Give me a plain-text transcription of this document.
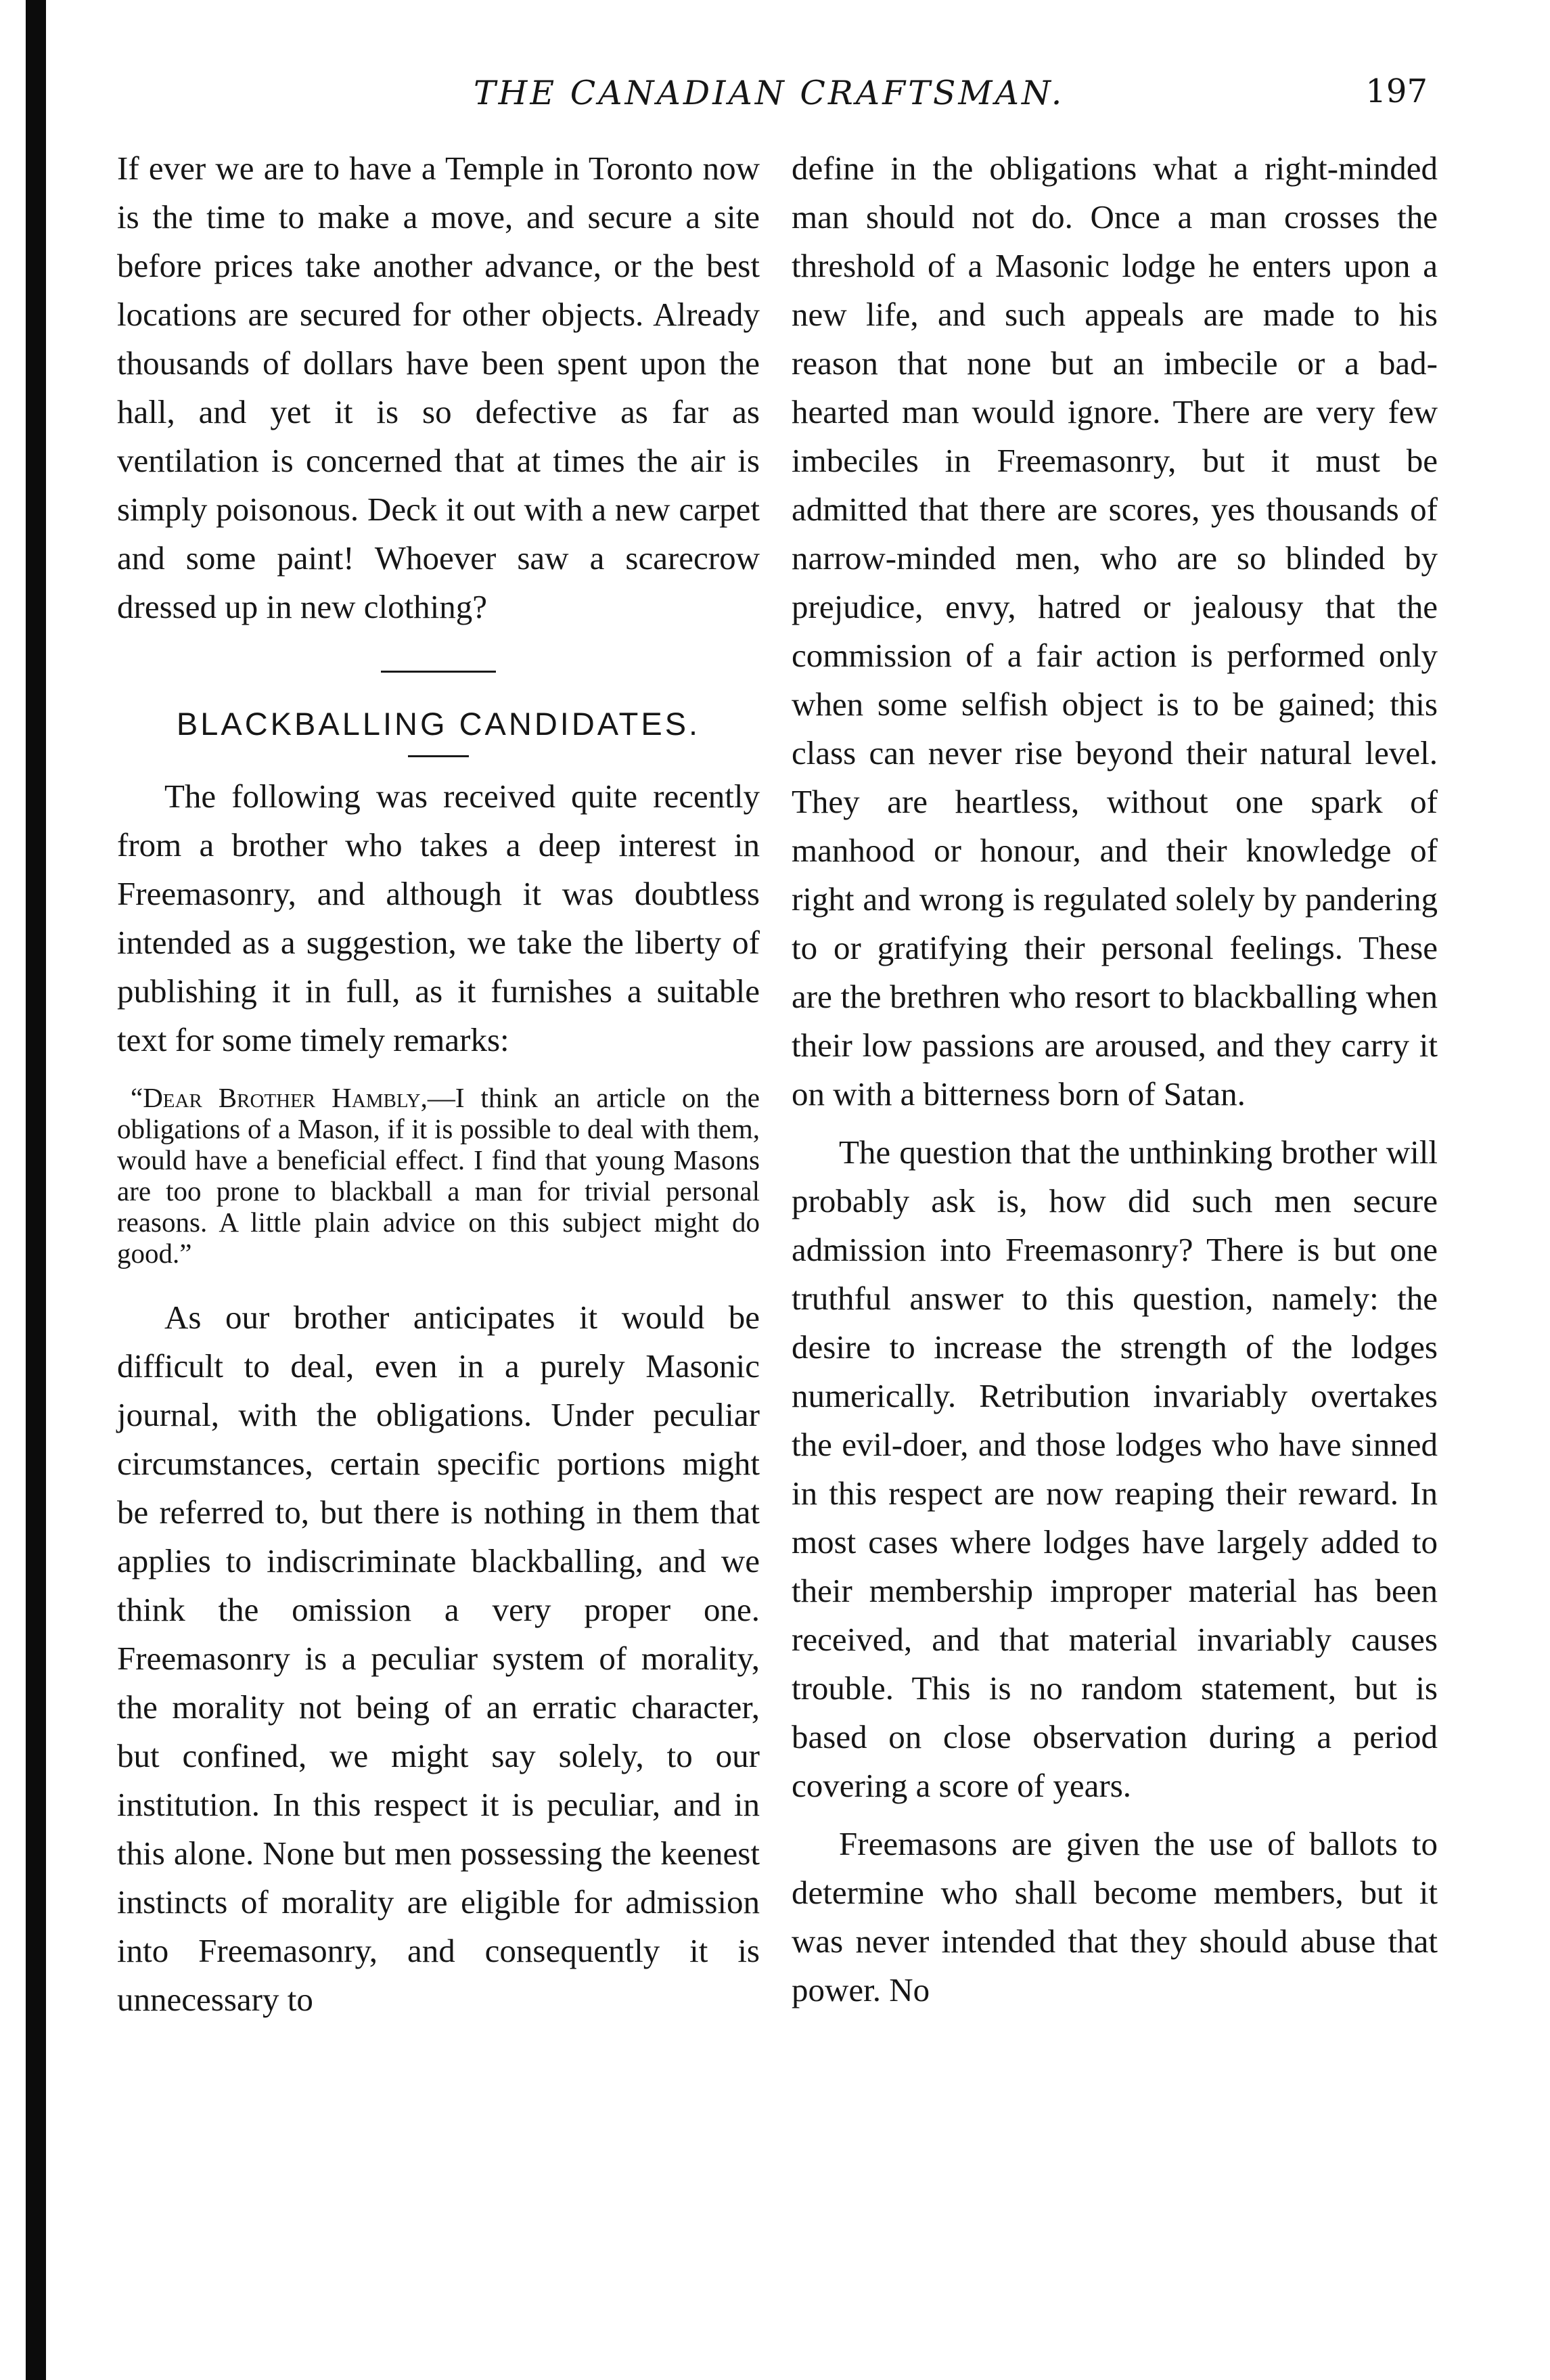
THE CANADIAN CRAFTSMAN.	197

If ever we are to have a Temple in Toronto now is the time to make a move, and secure a site before prices take another advance, or the best locations are secured for other objects. Already thousands of dollars have been spent upon the hall, and yet it is so defective as far as ventilation is concerned that at times the air is simply poisonous. Deck it out with a new carpet and some paint! Whoever saw a scarecrow dressed up in new clothing?

BLACKBALLING CANDIDATES.

The following was received quite recently from a brother who takes a deep interest in Freemasonry, and although it was doubtless intended as a suggestion, we take the liberty of publishing it in full, as it furnishes a suitable text for some timely remarks:

“Dear Brother Hambly,—I think an article on the obligations of a Mason, if it is possible to deal with them, would have a beneficial effect. I find that young Masons are too prone to blackball a man for trivial personal reasons. A little plain advice on this subject might do good.”

As our brother anticipates it would be difficult to deal, even in a purely Masonic journal, with the obligations. Under peculiar circumstances, certain specific portions might be referred to, but there is nothing in them that applies to indiscriminate blackballing, and we think the omission a very proper one. Freemasonry is a peculiar system of morality, the morality not being of an erratic character, but confined, we might say solely, to our institution. In this respect it is peculiar, and in this alone. None but men possessing the keenest instincts of morality are eligible for admission into Freemasonry, and consequently it is unnecessary to

define in the obligations what a right-minded man should not do. Once a man crosses the threshold of a Masonic lodge he enters upon a new life, and such appeals are made to his reason that none but an imbecile or a bad-hearted man would ignore. There are very few imbeciles in Freemasonry, but it must be admitted that there are scores, yes thousands of narrow-minded men, who are so blinded by prejudice, envy, hatred or jealousy that the commission of a fair action is performed only when some selfish object is to be gained; this class can never rise beyond their natural level. They are heartless, without one spark of manhood or honour, and their knowledge of right and wrong is regulated solely by pandering to or gratifying their personal feelings. These are the brethren who resort to blackballing when their low passions are aroused, and they carry it on with a bitterness born of Satan.

The question that the unthinking brother will probably ask is, how did such men secure admission into Freemasonry? There is but one truthful answer to this question, namely: the desire to increase the strength of the lodges numerically. Retribution invariably overtakes the evil-doer, and those lodges who have sinned in this respect are now reaping their reward. In most cases where lodges have largely added to their membership improper material has been received, and that material invariably causes trouble. This is no random statement, but is based on close observation during a period covering a score of years.

Freemasons are given the use of ballots to determine who shall become members, but it was never intended that they should abuse that power. No
